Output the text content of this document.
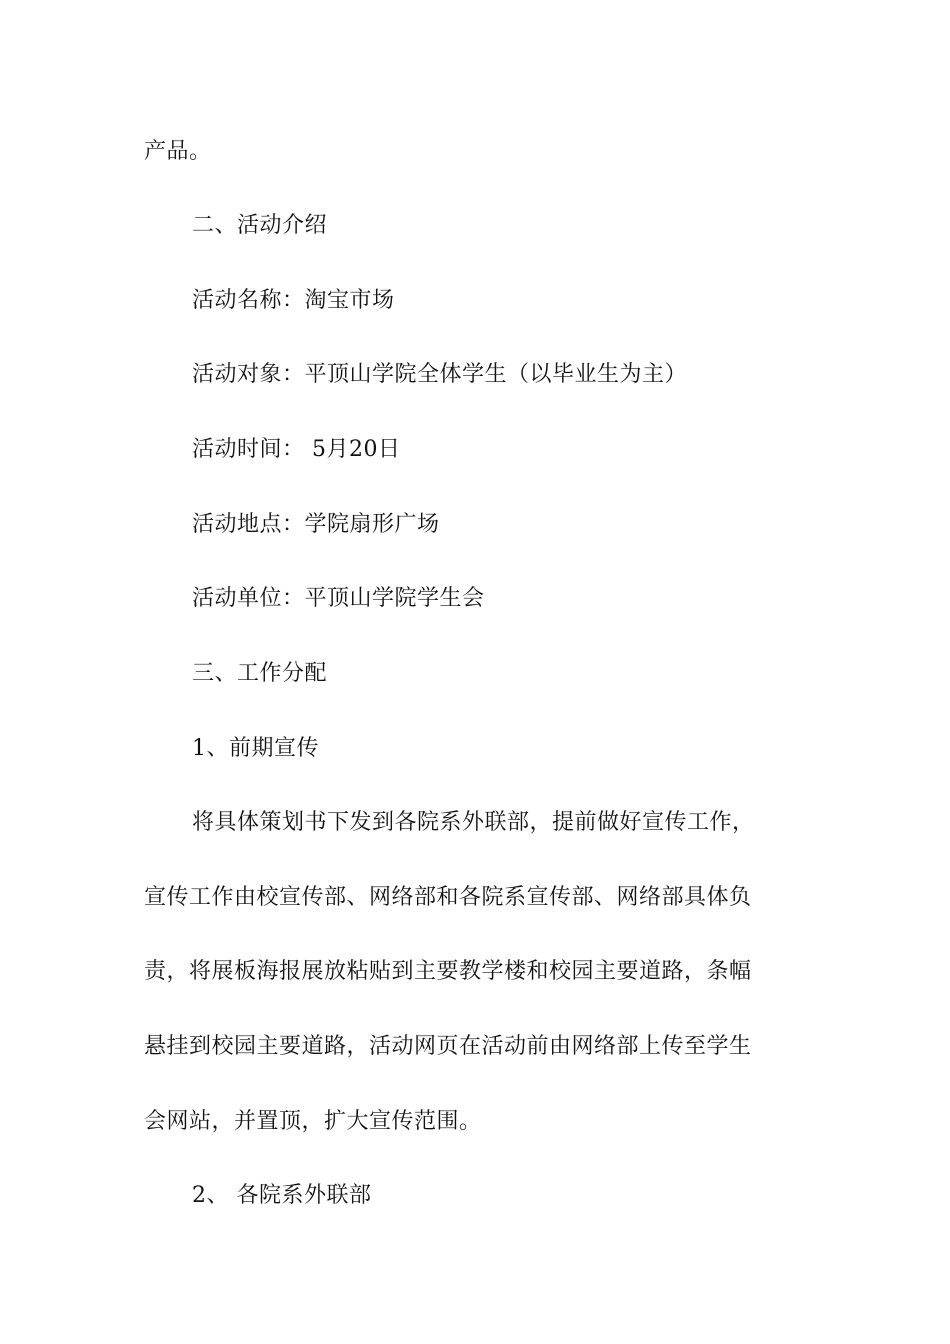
产品。
二、活动介绍
活动名称：淘宝市场
活动对象：平顶山学院全体学生（以毕业生为主）
活动时间： 5月20日
活动地点：学院扇形广场
活动单位：平顶山学院学生会
三、工作分配
1、前期宣传
将具体策划书下发到各院系外联部，提前做好宣传工作，
宣传工作由校宣传部、网络部和各院系宣传部、网络部具体负
责，将展板海报展放粘贴到主要教学楼和校园主要道路，条幅
悬挂到校园主要道路，活动网页在活动前由网络部上传至学生
会网站，并置顶，扩大宣传范围。
2、 各院系外联部
